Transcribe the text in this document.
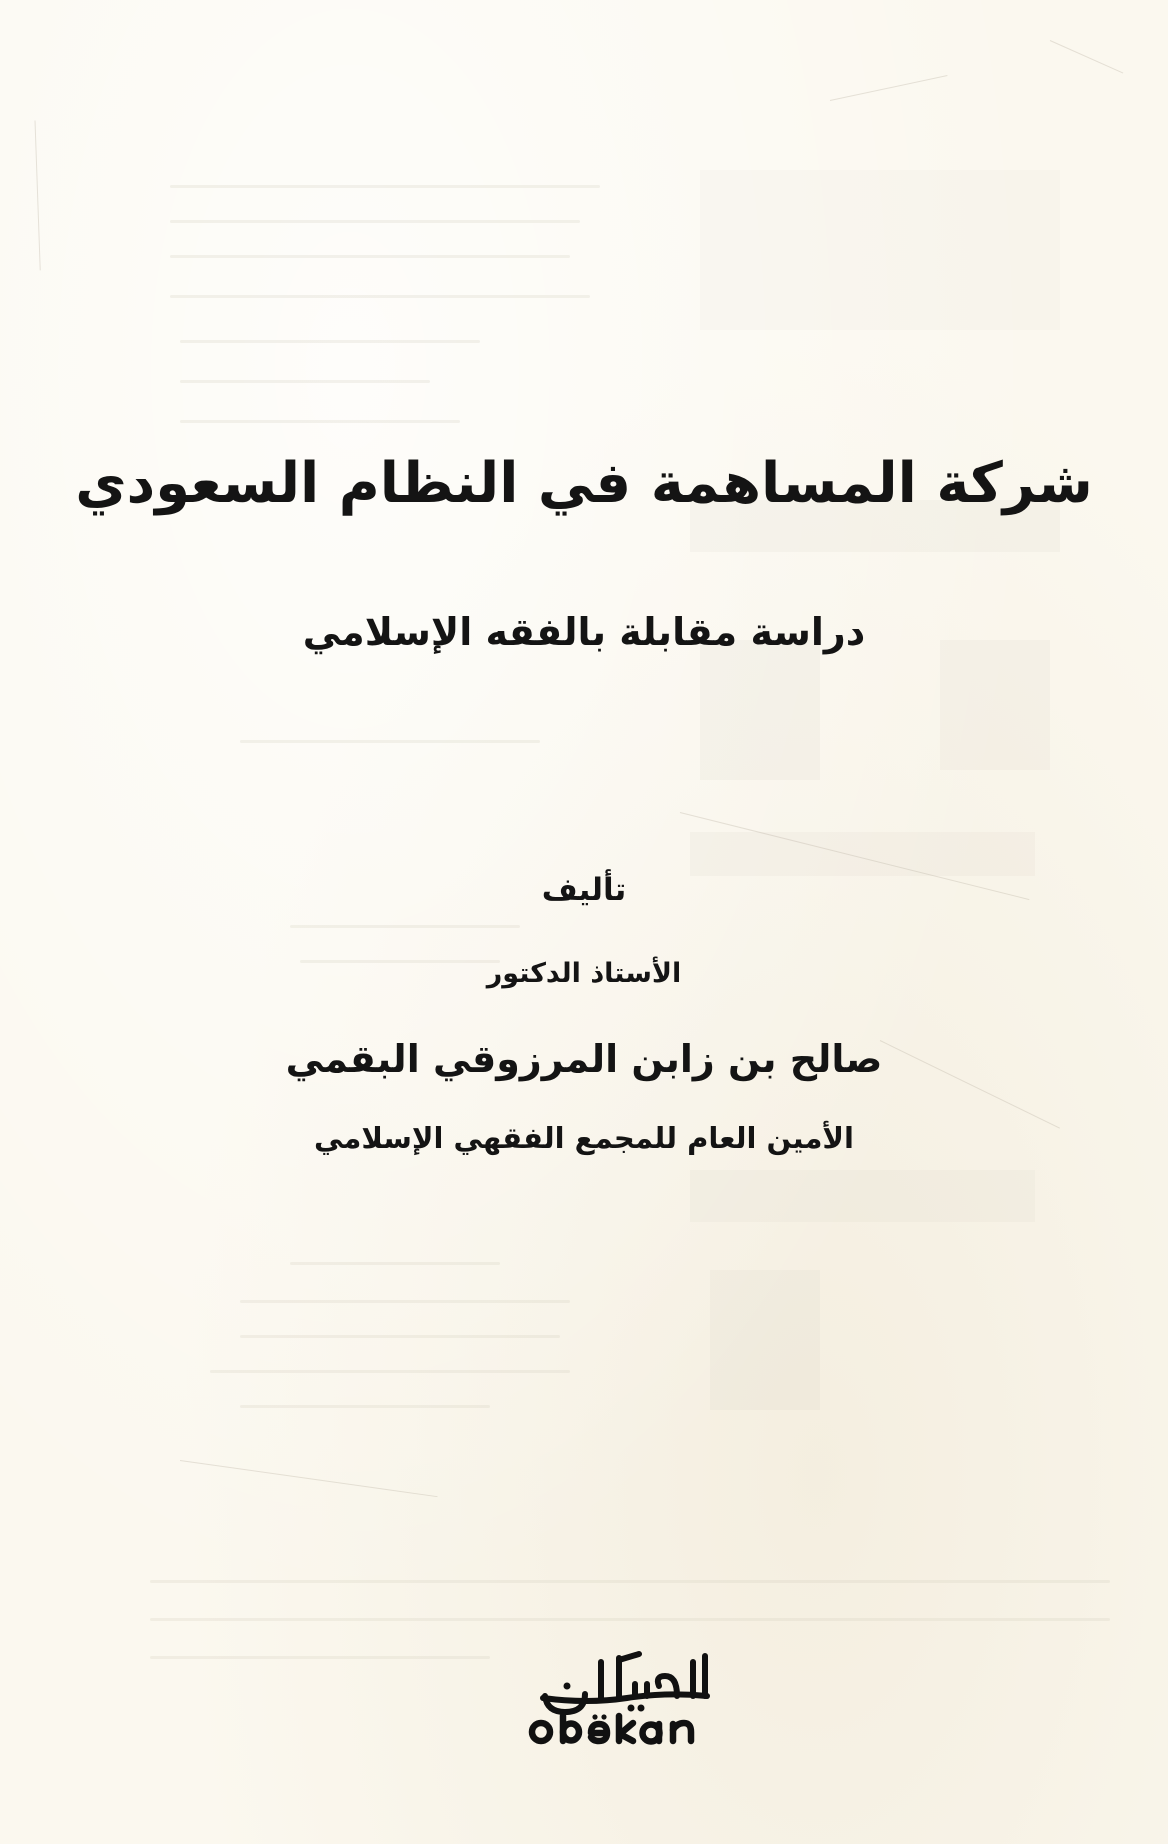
شركة المساهمة في النظام السعودي
دراسة مقابلة بالفقه الإسلامي
تأليف
الأستاذ الدكتور
صالح بن زابن المرزوقي البقمي
الأمين العام للمجمع الفقهي الإسلامي
